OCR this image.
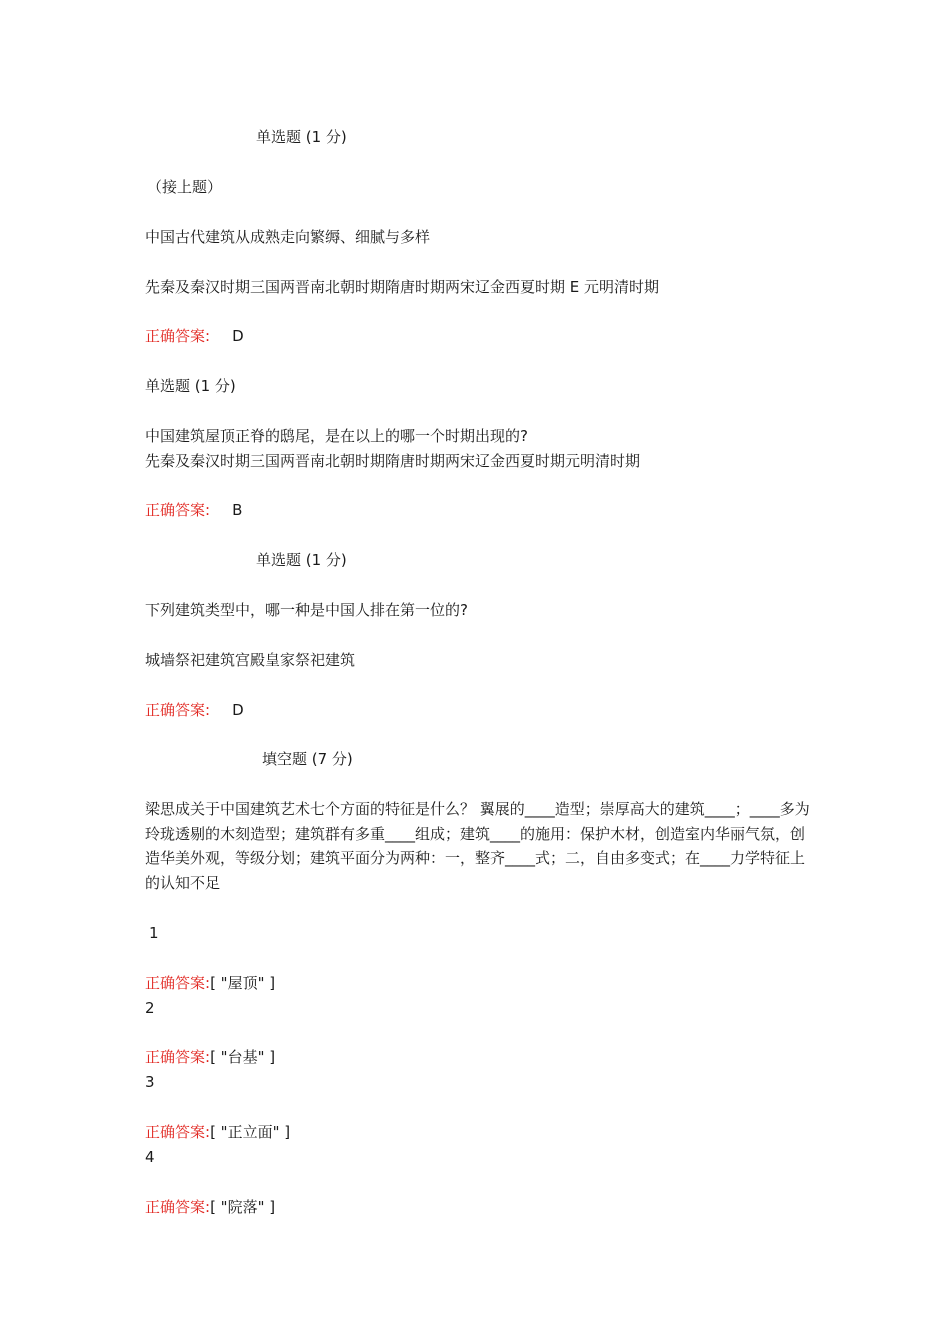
单选题 (1 分)

（接上题）

中国古代建筑从成熟走向繁缛、细腻与多样

先秦及秦汉时期三国两晋南北朝时期隋唐时期两宋辽金西夏时期 E 元明清时期

正确答案: D

单选题 (1 分)

中国建筑屋顶正脊的鸱尾，是在以上的哪一个时期出现的?

先秦及秦汉时期三国两晋南北朝时期隋唐时期两宋辽金西夏时期元明清时期

正确答案: B

单选题 (1 分)

下列建筑类型中，哪一种是中国人排在第一位的?

城墙祭祀建筑宫殿皇家祭祀建筑

正确答案: D

填空题 (7 分)

梁思成关于中国建筑艺术七个方面的特征是什么？ 翼展的____造型；崇厚高大的建筑____；____多为玲珑透剔的木刻造型；建筑群有多重____组成；建筑____的施用：保护木材，创造室内华丽气氛，创造华美外观，等级分划；建筑平面分为两种：一，整齐____式；二，自由多变式；在____力学特征上的认知不足

1

正确答案:[ "屋顶" ]

2

正确答案:[ "台基" ]

3

正确答案:[ "正立面" ]

4

正确答案:[ "院落" ]
